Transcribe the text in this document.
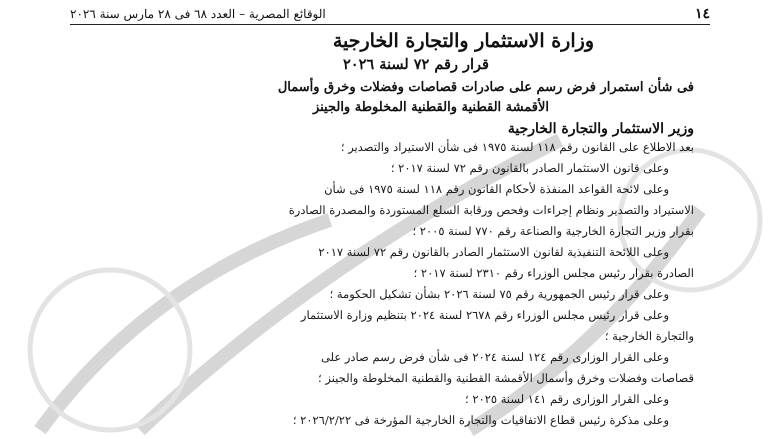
١٤
الوقائع المصرية – العدد ٦٨ فى ٢٨ مارس سنة ٢٠٢٦
وزارة الاستثمار والتجارة الخارجية
قرار رقم ٧٢ لسنة ٢٠٢٦
فى شأن استمرار فرض رسم على صادرات قصاصات وفضلات وخرق وأسمال
الأقمشة القطنية والقطنية المخلوطة والجينز
وزير الاستثمار والتجارة الخارجية
بعد الاطلاع على القانون رقم ١١٨ لسنة ١٩٧٥ فى شأن الاستيراد والتصدير ؛
وعلى قانون الاستثمار الصادر بالقانون رقم ٧٢ لسنة ٢٠١٧ ؛
وعلى لائحة القواعد المنفذة لأحكام القانون رقم ١١٨ لسنة ١٩٧٥ فى شأن
الاستيراد والتصدير ونظام إجراءات وفحص ورقابة السلع المستوردة والمصدرة الصادرة
بقرار وزير التجارة الخارجية والصناعة رقم ٧٧٠ لسنة ٢٠٠٥ ؛
وعلى اللائحة التنفيذية لقانون الاستثمار الصادر بالقانون رقم ٧٢ لسنة ٢٠١٧
الصادرة بقرار رئيس مجلس الوزراء رقم ٢٣١٠ لسنة ٢٠١٧ ؛
وعلى قرار رئيس الجمهورية رقم ٧٥ لسنة ٢٠٢٦ بشأن تشكيل الحكومة ؛
وعلى قرار رئيس مجلس الوزراء رقم ٢٦٧٨ لسنة ٢٠٢٤ بتنظيم وزارة الاستثمار
والتجارة الخارجية ؛
وعلى القرار الوزارى رقم ١٢٤ لسنة ٢٠٢٤ فى شأن فرض رسم صادر على
قصاصات وفضلات وخرق وأسمال الأقمشة القطنية والقطنية المخلوطة والجينز ؛
وعلى القرار الوزارى رقم ١٤١ لسنة ٢٠٢٥ ؛
وعلى مذكرة رئيس قطاع الاتفاقيات والتجارة الخارجية المؤرخة فى ٢٠٢٦/٢/٢٢ ؛
